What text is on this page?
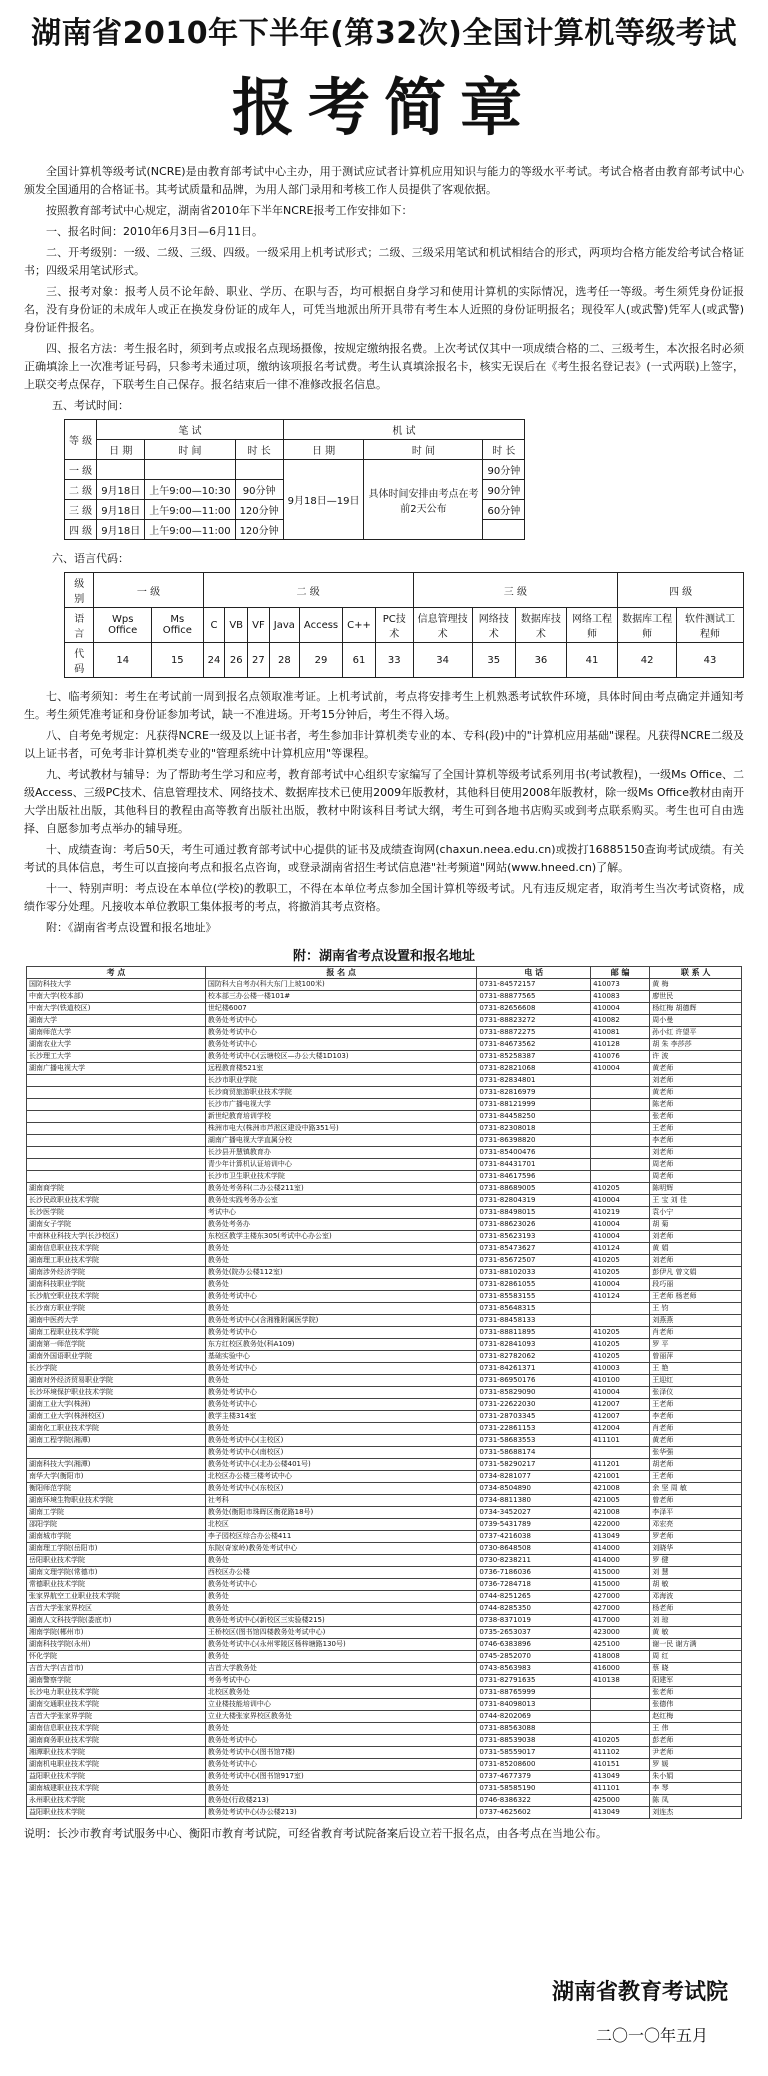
湖南省2010年下半年(第32次)全国计算机等级考试
报考简章

全国计算机等级考试(NCRE)是由教育部考试中心主办，用于测试应试者计算机应用知识与能力的等级水平考试。考试合格者由教育部考试中心颁发全国通用的合格证书。其考试质量和品牌，为用人部门录用和考核工作人员提供了客观依据。

按照教育部考试中心规定，湖南省2010年下半年NCRE报考工作安排如下：

一、报名时间：2010年6月3日—6月11日。

二、开考级别：一级、二级、三级、四级。一级采用上机考试形式；二级、三级采用笔试和机试相结合的形式，两项均合格方能发给考试合格证书；四级采用笔试形式。

三、报考对象：报考人员不论年龄、职业、学历、在职与否，均可根据自身学习和使用计算机的实际情况，选考任一等级。考生须凭身份证报名，没有身份证的未成年人或正在换发身份证的成年人，可凭当地派出所开具带有考生本人近照的身份证明报名；现役军人(或武警)凭军人(或武警)身份证件报名。

四、报名方法：考生报名时，须到考点或报名点现场摄像，按规定缴纳报名费。上次考试仅其中一项成绩合格的二、三级考生，本次报名时必须正确填涂上一次准考证号码，只参考未通过项，缴纳该项报名考试费。考生认真填涂报名卡，核实无误后在《考生报名登记表》(一式两联)上签字，上联交考点保存，下联考生自己保存。报名结束后一律不准修改报名信息。

五、考试时间：
等 级	笔 试			机 试		
	日 期	时 间	时 长	日 期	时 间	时 长
一 级				9月18日—19日	具体时间安排由考点在考前2天公布	90分钟
二 级	9月18日	上午9:00—10:30	90分钟			90分钟
三 级	9月18日	上午9:00—11:00	120分钟			60分钟
四 级	9月18日	上午9:00—11:00	120分钟			
六、语言代码：
级 别	一 级		二 级							三 级				四 级	
语 言	Wps Office	Ms Office	C	VB	VF	Java	Access	C++	PC技术	信息管理技术	网络技术	数据库技术	网络工程师	数据库工程师	软件测试工程师
代 码	14	15	24	26	27	28	29	61	33	34	35	36	41	42	43

七、临考须知：考生在考试前一周到报名点领取准考证。上机考试前，考点将安排考生上机熟悉考试软件环境，具体时间由考点确定并通知考生。考生须凭准考证和身份证参加考试，缺一不准进场。开考15分钟后，考生不得入场。

八、自考免考规定：凡获得NCRE一级及以上证书者，考生参加非计算机类专业的本、专科(段)中的"计算机应用基础"课程。凡获得NCRE二级及以上证书者，可免考非计算机类专业的"管理系统中计算机应用"等课程。

九、考试教材与辅导：为了帮助考生学习和应考，教育部考试中心组织专家编写了全国计算机等级考试系列用书(考试教程)，一级Ms Office、二级Access、三级PC技术、信息管理技术、网络技术、数据库技术已使用2009年版教材，其他科目使用2008年版教材，除一级Ms Office教材由南开大学出版社出版，其他科目的教程由高等教育出版社出版，教材中附该科目考试大纲，考生可到各地书店购买或到考点联系购买。考生也可自由选择、自愿参加考点举办的辅导班。

十、成绩查询：考后50天，考生可通过教育部考试中心提供的证书及成绩查询网(chaxun.neea.edu.cn)或拨打16885150查询考试成绩。有关考试的具体信息，考生可以直接向考点和报名点咨询，或登录湖南省招生考试信息港"社考频道"网站(www.hneed.cn)了解。

十一、特别声明：考点设在本单位(学校)的教职工，不得在本单位考点参加全国计算机等级考试。凡有违反规定者，取消考生当次考试资格，成绩作零分处理。凡接收本单位教职工集体报考的考点，将撤消其考点资格。

附：《湖南省考点设置和报名地址》

附：湖南省考点设置和报名地址
考 点	报 名 点	电 话	邮 编	联 系 人
国防科技大学	国防科大自考办(科大东门上坡100米)	0731-84572157	410073	黄 梅
中南大学(校本部)	校本部三办公楼一楼101#	0731-88877565	410083	廖世民
中南大学(铁道校区)	世纪楼6007	0731-82656608	410004	杨红梅 胡德辉
湖南大学	教务处考试中心	0731-88823272	410082	周小曼
湖南师范大学	教务处考试中心	0731-88872275	410081	孙小红 许望平
湖南农业大学	教务处考试中心	0731-84673562	410128	胡 朱 李莎莎
长沙理工大学	教务处考试中心(云塘校区—办公大楼1D103)	0731-85258387	410076	许 波
湖南广播电视大学	远程教育楼521室	0731-82821068	410004	黄老师
	长沙市职业学院	0731-82834801		刘老师
	长沙商贸旅游职业技术学院	0731-82816979		黄老师
	长沙市广播电视大学	0731-88121999		陈老师
	新世纪教育培训学校	0731-84458250		张老师
	株洲市电大(株洲市芦淞区建设中路351号)	0731-82308018		王老师
	湖南广播电视大学直属分校	0731-86398820		李老师
	长沙县开慧镇教育办	0731-85400476		刘老师
	青少年计算机认证培训中心	0731-84431701		周老师
	长沙市卫生职业技术学院	0731-84617596		周老师
湖南商学院	教务处考务科(二办公楼211室)	0731-88689005	410205	陈明辉
长沙民政职业技术学院	教务处实践考务办公室	0731-82804319	410004	王 宝 刘 佳
长沙医学院	考试中心	0731-88498015	410219	袁小宁
湖南女子学院	教务处考务办	0731-88623026	410004	胡 菊
中南林业科技大学(长沙校区)	东校区教学主楼东305(考试中心办公室)	0731-85623193	410004	刘老师
湖南信息职业技术学院	教务处	0731-85473627	410124	黄 娟
湖南理工职业技术学院	教务处	0731-85672507	410205	刘老师
湖南涉外经济学院	教务处(院办公楼112室)	0731-88102033	410205	彭伊凡 曾文娟
湖南科技职业学院	教务处	0731-82861055	410004	段巧丽
长沙航空职业技术学院	教务处考试中心	0731-85583155	410124	王老师 杨老师
长沙南方职业学院	教务处	0731-85648315		王 钧
湖南中医药大学	教务处考试中心(含湘雅附属医学院)	0731-88458133		刘燕燕
湖南工程职业技术学院	教务处考试中心	0731-88811895	410205	肖老师
湖南第一师范学院	东方红校区教务处(科A109)	0731-82841093	410205	罗 平
湖南外国语职业学院	基础实验中心	0731-82782062	410205	曾丽萍
长沙学院	教务处考试中心	0731-84261371	410003	王 艳
湖南对外经济贸易职业学院	教务处	0731-86950176	410100	王迎红
长沙环境保护职业技术学院	教务处考试中心	0731-85829090	410004	张泽仪
湖南工业大学(株洲)	教务处考试中心	0731-22622030	412007	王老师
湖南工业大学(株洲校区)	教学主楼314室	0731-28703345	412007	李老师
湖南化工职业技术学院	教务处	0731-22861153	412004	肖老师
湖南工程学院(湘潭)	教务处考试中心(主校区)	0731-58683553	411101	黄老师
	教务处考试中心(南校区)	0731-58688174		张华强
湖南科技大学(湘潭)	教务处考试中心(北办公楼401号)	0731-58290217	411201	胡老师
南华大学(衡阳市)	北校区办公楼三楼考试中心	0734-8281077	421001	王老师
衡阳师范学院	教务处考试中心(东校区)	0734-8504890	421008	余 坚 周 敏
湖南环境生物职业技术学院	社考科	0734-8811380	421005	曾老师
湖南工学院	教务处(衡阳市珠晖区衡花路18号)	0734-3452027	421008	李泽平
邵阳学院	北校区	0739-5431789	422000	邓宏亮
湖南城市学院	李子园校区综合办公楼411	0737-4216038	413049	罗老师
湖南理工学院(岳阳市)	东院(奇家岭)教务处考试中心	0730-8648508	414000	刘晓华
岳阳职业技术学院	教务处	0730-8238211	414000	罗 健
湖南文理学院(常德市)	西校区办公楼	0736-7186036	415000	刘 慧
常德职业技术学院	教务处考试中心	0736-7284718	415000	胡 敏
张家界航空工业职业技术学院	教务处	0744-8251265	427000	邓海波
吉首大学张家界校区	教务处	0744-8285350	427000	杨老师
湖南人文科技学院(娄底市)	教务处考试中心(新校区三实验楼215)	0738-8371019	417000	刘 琼
湘南学院(郴州市)	王桥校区(图书馆四楼教务处考试中心)	0735-2653037	423000	黄 敏
湖南科技学院(永州)	教务处考试中心(永州零陵区杨梓塘路130号)	0746-6383896	425100	谢一民 谢方满
怀化学院	教务处	0745-2852070	418008	周 红
吉首大学(吉首市)	吉首大学教务处	0743-8563983	416000	蔡 晓
湖南警察学院	考务考试中心	0731-82791635	410138	阳建军
长沙电力职业技术学院	北校区教务处	0731-88765999		张老师
湖南交通职业技术学院	立业楼技能培训中心	0731-84098013		张德伟
吉首大学张家界学院	立业大楼张家界校区教务处	0744-8202069		赵红梅
湖南信息职业技术学院	教务处	0731-88563088		王 伟
湖南商务职业技术学院	教务处考试中心	0731-88539038	410205	彭老师
湘潭职业技术学院	教务处考试中心(图书馆7楼)	0731-58559017	411102	尹老师
湖南机电职业技术学院	教务处考试中心	0731-85208600	410151	罗 媛
益阳职业技术学院	教务处考试中心(图书馆917室)	0737-4677379	413049	朱小娟
湖南城建职业技术学院	教务处	0731-58585190	411101	李 琴
永州职业技术学院	教务处(行政楼213)	0746-8386322	425000	陈 凤
益阳职业技术学院	教务处考试中心(办公楼213)	0737-4625602	413049	刘连杰

说明：长沙市教育考试服务中心、衡阳市教育考试院，可经省教育考试院备案后设立若干报名点，由各考点在当地公布。

湖南省教育考试院
二〇一〇年五月
